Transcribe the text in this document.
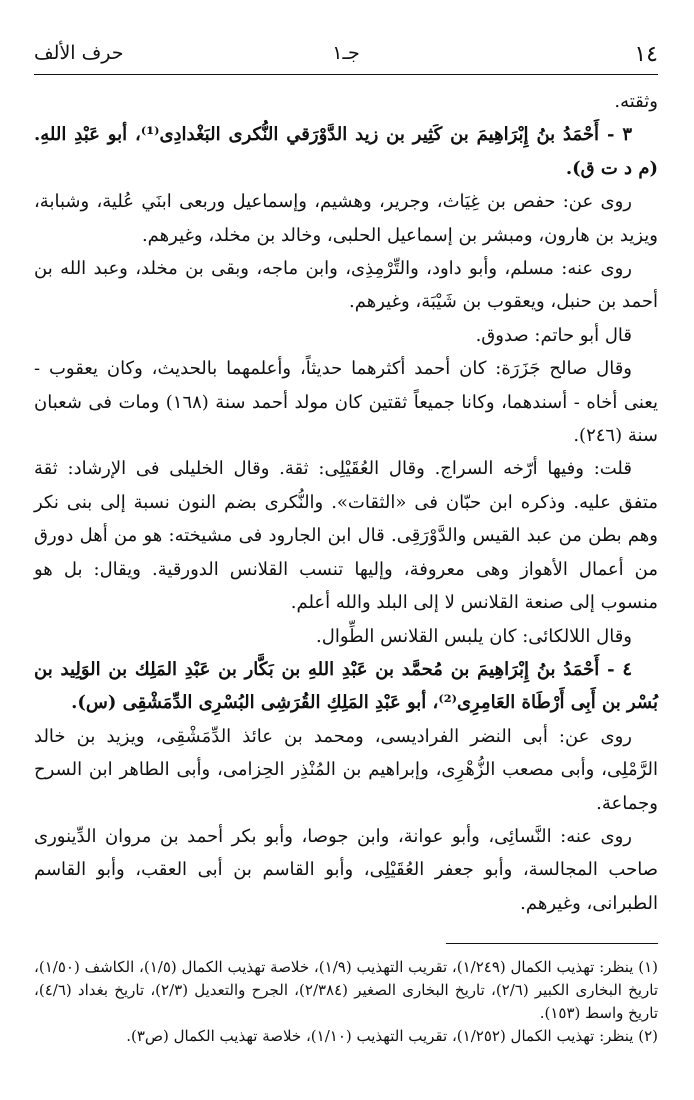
١٤
جـ١
حرف الألف

وثقته.

٣ - أَحْمَدُ بنُ إِبْرَاهِيمَ بن كَثِير بن زيد الدَّوْرَقي النُّكرى البَغْدادِى⁽¹⁾، أبو عَبْدِ اللهِ. (م د ت ق).

روى عن: حفص بن غِيَاث، وجرير، وهشيم، وإسماعيل وربعى ابنَي عُلية، وشبابة، ويزيد بن هارون، ومبشر بن إسماعيل الحلبى، وخالد بن مخلد، وغيرهم.

روى عنه: مسلم، وأبو داود، والتِّرْمِذِى، وابن ماجه، وبقى بن مخلد، وعبد الله بن أحمد بن حنبل، ويعقوب بن شَيْبَة، وغيرهم.

قال أبو حاتم: صدوق.

وقال صالح جَزَرَة: كان أحمد أكثرهما حديثاً، وأعلمهما بالحديث، وكان يعقوب - يعنى أخاه - أسندهما، وكانا جميعاً ثقتين كان مولد أحمد سنة (١٦٨) ومات فى شعبان سنة (٢٤٦).

قلت: وفيها أرّخه السراج. وقال العُقَيْلِى: ثقة. وقال الخليلى فى الإرشاد: ثقة متفق عليه. وذكره ابن حبّان فى «الثقات». والنُّكرى بضم النون نسبة إلى بنى نكر وهم بطن من عبد القيس والدَّوْرَقِى. قال ابن الجارود فى مشيخته: هو من أهل دورق من أعمال الأهواز وهى معروفة، وإليها تنسب القلانس الدورقية. ويقال: بل هو منسوب إلى صنعة القلانس لا إلى البلد والله أعلم.

وقال اللالكائى: كان يلبس القلانس الطِّوال.

٤ - أَحْمَدُ بنُ إِبْرَاهِيمَ بن مُحمَّد بن عَبْدِ اللهِ بن بَكَّار بن عَبْدِ المَلِك بن الوَلِيد بن بُسْر بن أَبِى أَرْطَاة العَامِرِى⁽²⁾، أبو عَبْدِ المَلِكِ القُرَشِى البُسْرِى الدِّمَشْقِى (س).

روى عن: أبى النضر الفراديسى، ومحمد بن عائذ الدِّمَشْقِى، ويزيد بن خالد الرَّمْلِى، وأبى مصعب الزُّهْرِى، وإبراهيم بن المُنْذِر الحِزامى، وأبى الطاهر ابن السرح وجماعة.

روى عنه: النَّسائِى، وأبو عوانة، وابن جوصا، وأبو بكر أحمد بن مروان الدِّينورى صاحب المجالسة، وأبو جعفر العُقَيْلِى، وأبو القاسم بن أبى العقب، وأبو القاسم الطبرانى، وغيرهم.

(١) ينظر: تهذيب الكمال (١/٢٤٩)، تقريب التهذيب (١/٩)، خلاصة تهذيب الكمال (١/٥)، الكاشف (١/٥٠)، تاريخ البخارى الكبير (٢/٦)، تاريخ البخارى الصغير (٢/٣٨٤)، الجرح والتعديل (٢/٣)، تاريخ بغداد (٤/٦)، تاريخ واسط (١٥٣).

(٢) ينظر: تهذيب الكمال (١/٢٥٢)، تقريب التهذيب (١/١٠)، خلاصة تهذيب الكمال (ص٣).
